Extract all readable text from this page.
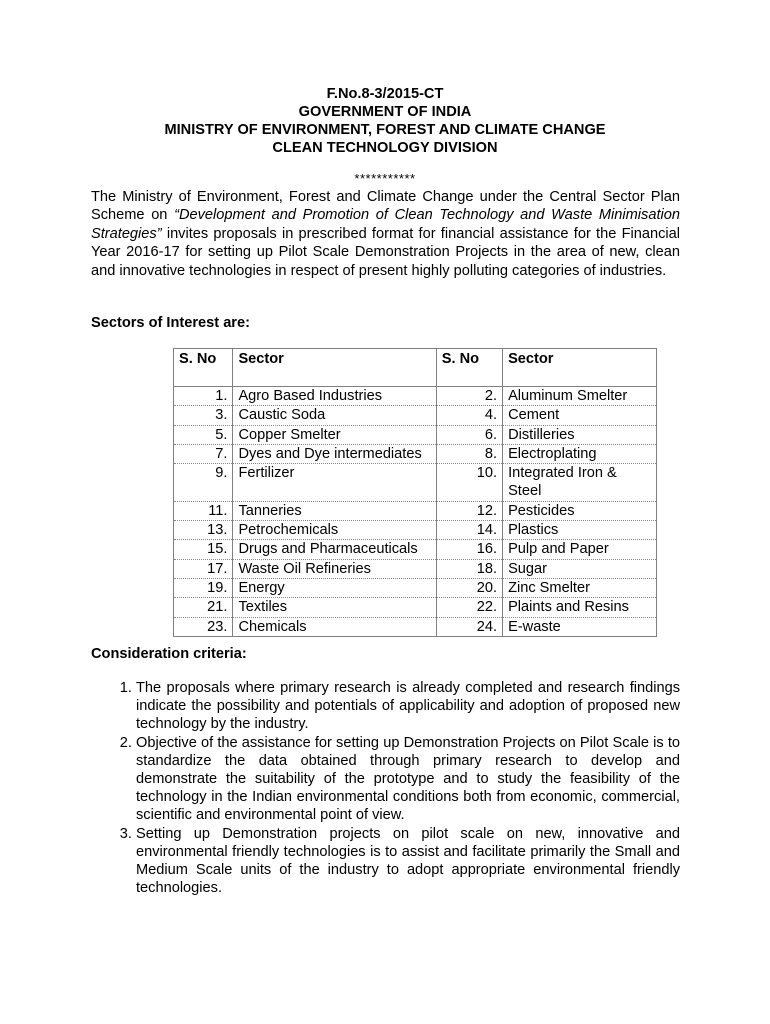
F.No.8-3/2015-CT
GOVERNMENT OF INDIA
MINISTRY OF ENVIRONMENT, FOREST AND CLIMATE CHANGE
CLEAN TECHNOLOGY DIVISION
***********
The Ministry of Environment, Forest and Climate Change under the Central Sector Plan Scheme on “Development and Promotion of Clean Technology and Waste Minimisation Strategies” invites proposals in prescribed format for financial assistance for the Financial Year 2016-17 for setting up Pilot Scale Demonstration Projects in the area of new, clean and innovative technologies in respect of present highly polluting categories of industries.
Sectors of Interest are:
S. No	Sector	S. No	Sector
1.	Agro Based Industries	2.	Aluminum Smelter
3.	Caustic Soda	4.	Cement
5.	Copper Smelter	6.	Distilleries
7.	Dyes and Dye intermediates	8.	Electroplating
9.	Fertilizer	10.	Integrated Iron & Steel
11.	Tanneries	12.	Pesticides
13.	Petrochemicals	14.	Plastics
15.	Drugs and Pharmaceuticals	16.	Pulp and Paper
17.	Waste Oil Refineries	18.	Sugar
19.	Energy	20.	Zinc Smelter
21.	Textiles	22.	Plaints and Resins
23.	Chemicals	24.	E-waste
Consideration criteria:
1. The proposals where primary research is already completed and research findings indicate the possibility and potentials of applicability and adoption of proposed new technology by the industry.
2. Objective of the assistance for setting up Demonstration Projects on Pilot Scale is to standardize the data obtained through primary research to develop and demonstrate the suitability of the prototype and to study the feasibility of the technology in the Indian environmental conditions both from economic, commercial, scientific and environmental point of view.
3. Setting up Demonstration projects on pilot scale on new, innovative and environmental friendly technologies is to assist and facilitate primarily the Small and Medium Scale units of the industry to adopt appropriate environmental friendly technologies.
